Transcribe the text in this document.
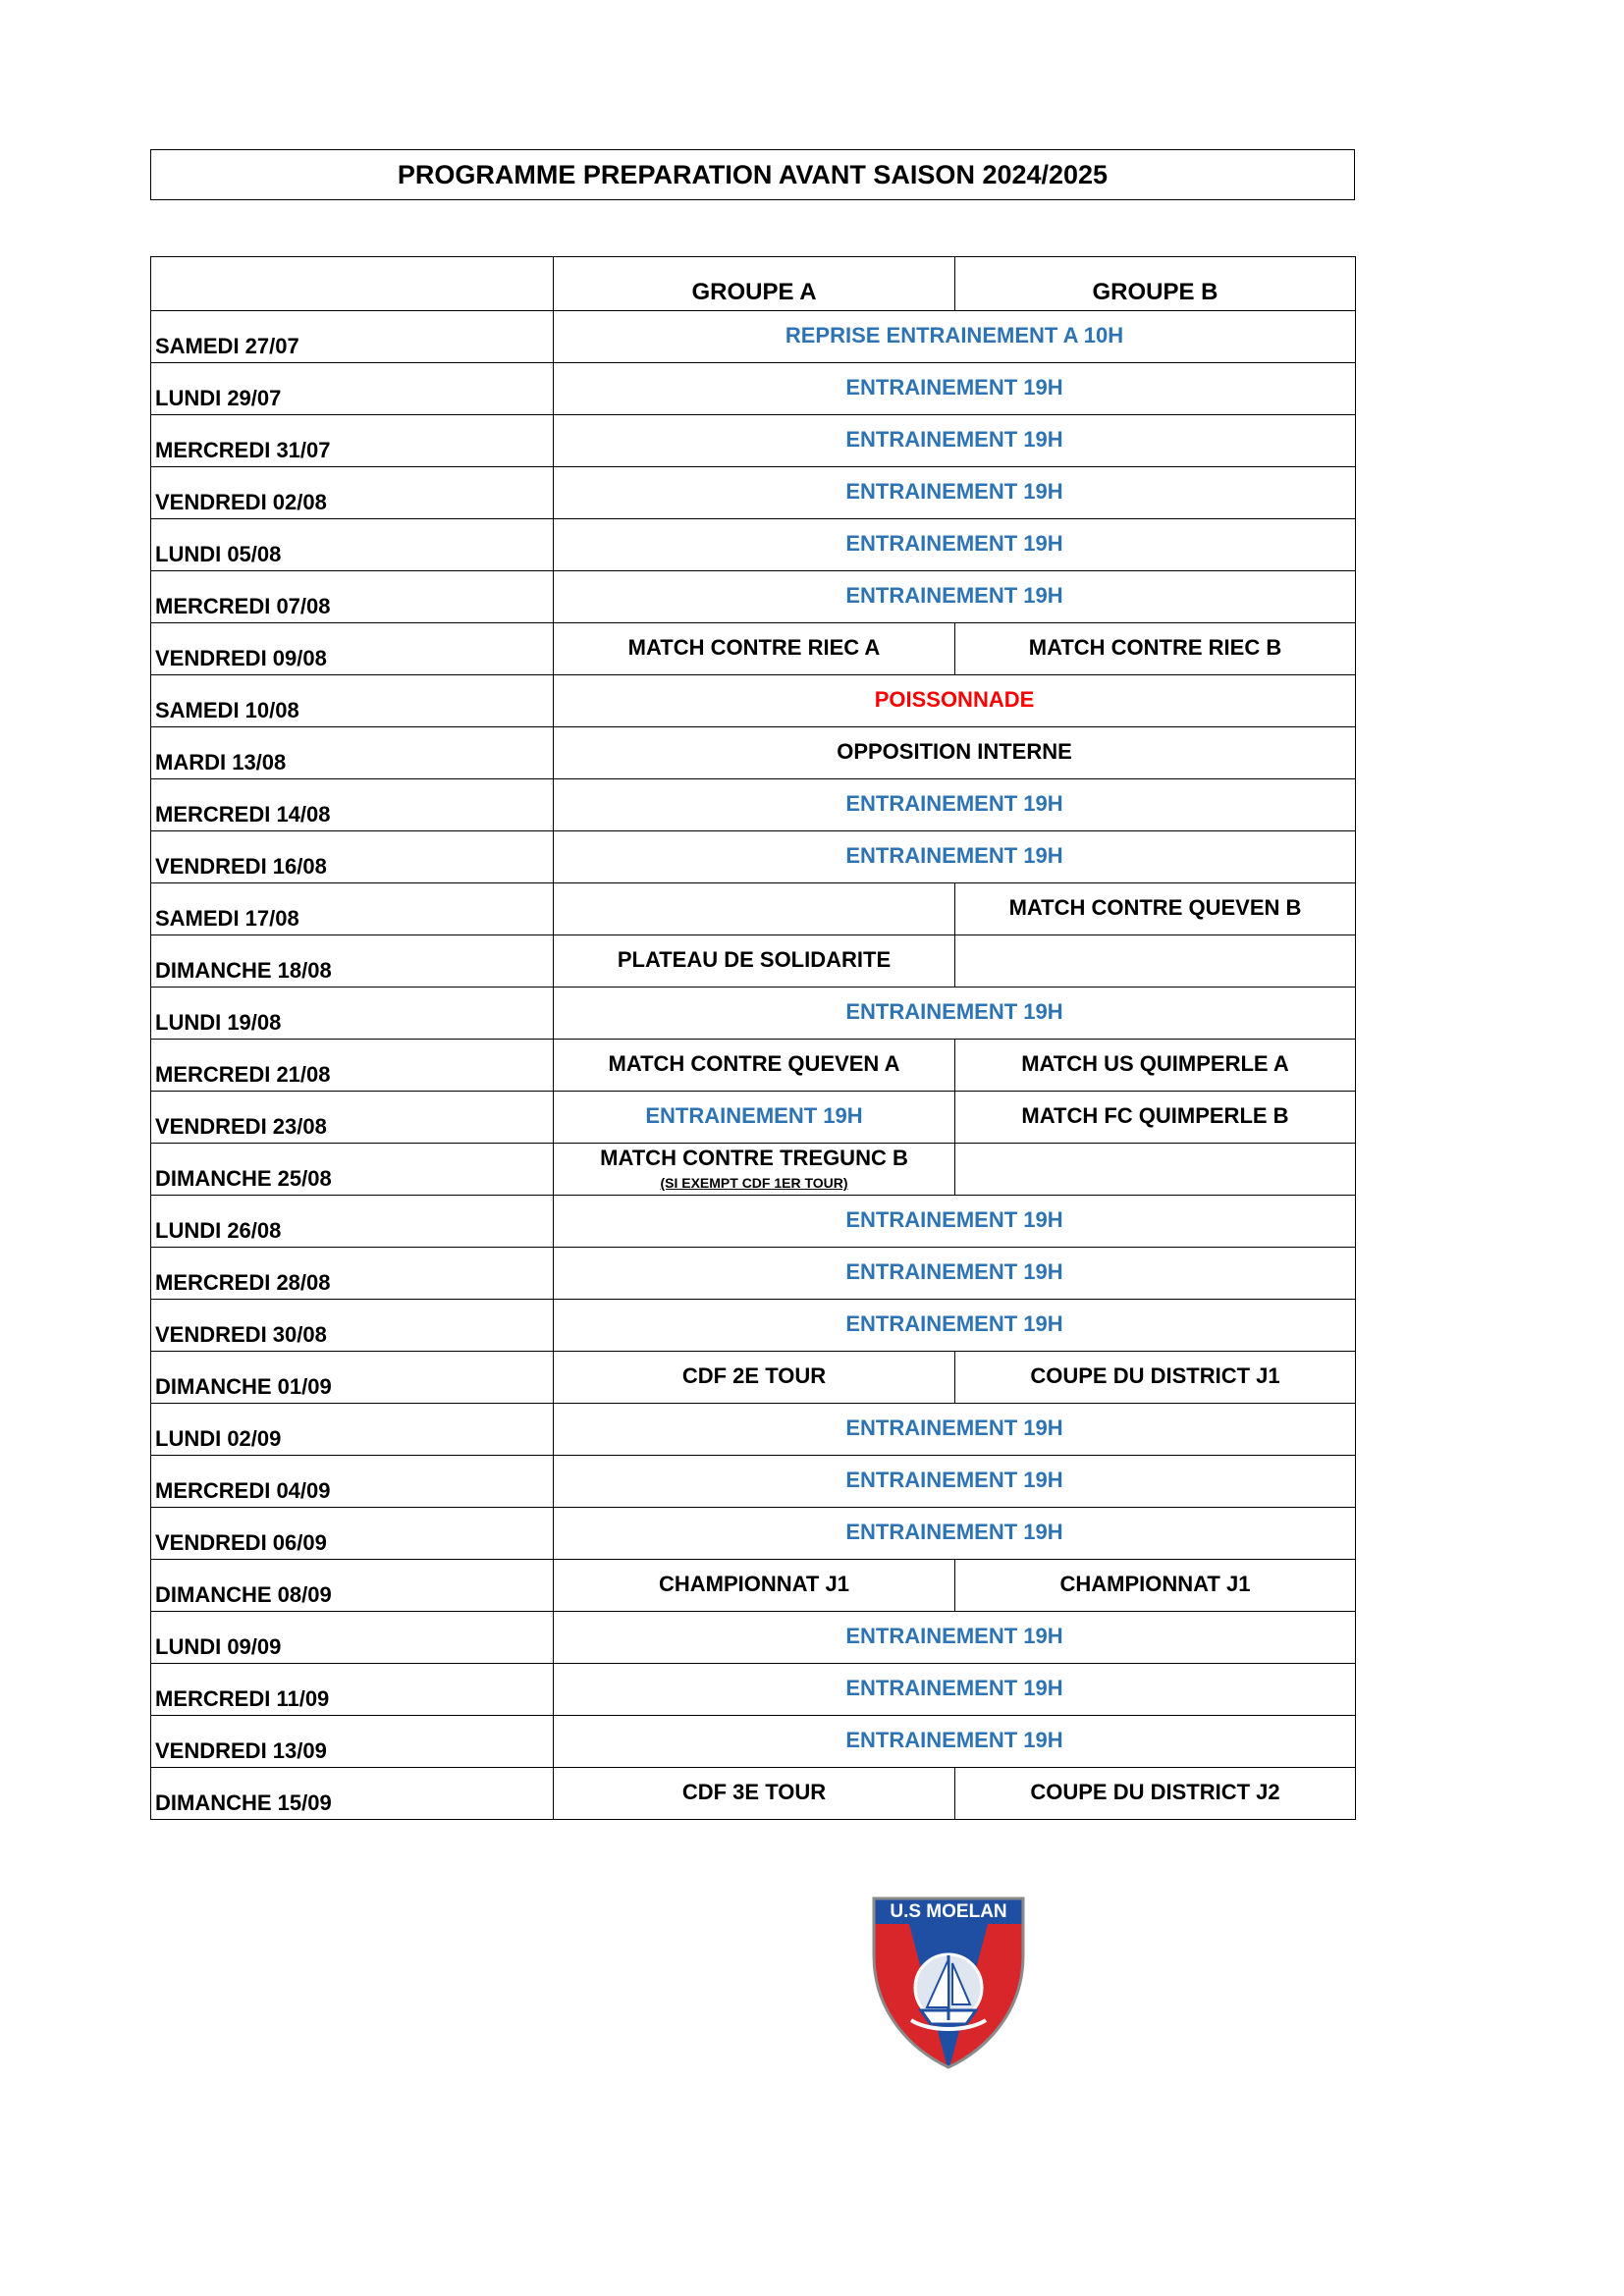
PROGRAMME PREPARATION AVANT SAISON 2024/2025
	GROUPE A	GROUPE B
SAMEDI 27/07	REPRISE ENTRAINEMENT A 10H	
LUNDI 29/07	ENTRAINEMENT 19H	
MERCREDI 31/07	ENTRAINEMENT 19H	
VENDREDI 02/08	ENTRAINEMENT 19H	
LUNDI 05/08	ENTRAINEMENT 19H	
MERCREDI 07/08	ENTRAINEMENT 19H	
VENDREDI 09/08	MATCH CONTRE RIEC A	MATCH CONTRE RIEC B
SAMEDI 10/08	POISSONNADE	
MARDI 13/08	OPPOSITION INTERNE	
MERCREDI 14/08	ENTRAINEMENT 19H	
VENDREDI 16/08	ENTRAINEMENT 19H	
SAMEDI 17/08		MATCH CONTRE QUEVEN B
DIMANCHE 18/08	PLATEAU DE SOLIDARITE	
LUNDI 19/08	ENTRAINEMENT 19H	
MERCREDI 21/08	MATCH CONTRE QUEVEN A	MATCH US QUIMPERLE A
VENDREDI 23/08	ENTRAINEMENT 19H	MATCH FC QUIMPERLE B
DIMANCHE 25/08	MATCH CONTRE TREGUNC B
(SI EXEMPT CDF 1ER TOUR)	

LUNDI 26/08	ENTRAINEMENT 19H	
MERCREDI 28/08	ENTRAINEMENT 19H	
VENDREDI 30/08	ENTRAINEMENT 19H	
DIMANCHE 01/09	CDF 2E TOUR	COUPE DU DISTRICT J1
LUNDI 02/09	ENTRAINEMENT 19H	
MERCREDI 04/09	ENTRAINEMENT 19H	
VENDREDI 06/09	ENTRAINEMENT 19H	
DIMANCHE 08/09	CHAMPIONNAT J1	CHAMPIONNAT J1
LUNDI 09/09	ENTRAINEMENT 19H	
MERCREDI 11/09	ENTRAINEMENT 19H	
VENDREDI 13/09	ENTRAINEMENT 19H	
DIMANCHE 15/09	CDF 3E TOUR	COUPE DU DISTRICT J2
U.S MOELAN
